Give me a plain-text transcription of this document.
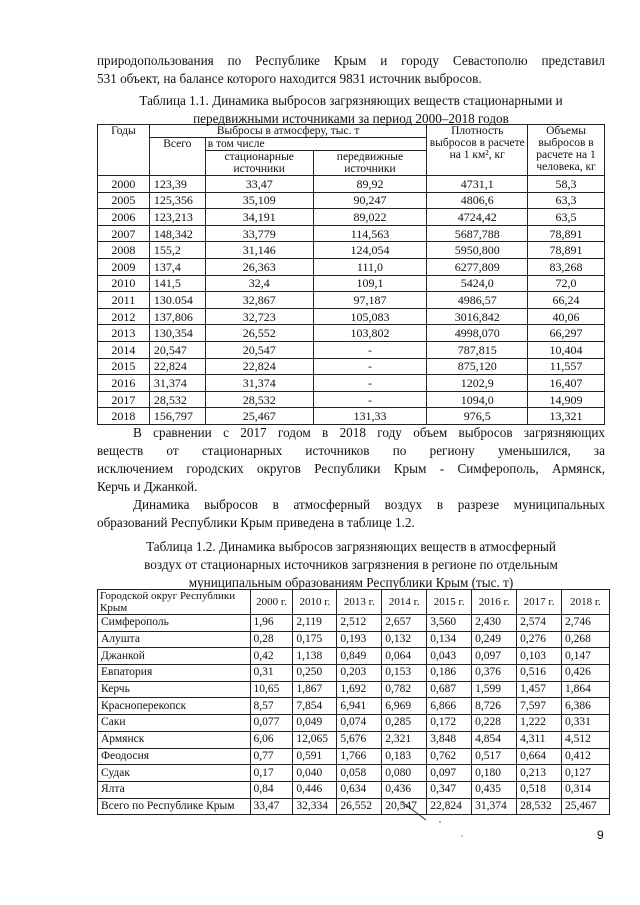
природопользования по Республике Крым и городу Севастополю представил
531 объект, на балансе которого находится 9831 источник выбросов.
Таблица 1.1. Динамика выбросов загрязняющих веществ стационарными и
передвижными источниками за период 2000–2018 годов
Годы	Выбросы в атмосферу, тыс. т			Плотность выбросов в расчете на 1 км², кг	Объемы выбросов в расчете на 1 человека, кг
	Всего	в том числе			
		стационарные источники	передвижные источники		
2000	123,39	33,47	89,92	4731,1	58,3
2005	125,356	35,109	90,247	4806,6	63,3
2006	123,213	34,191	89,022	4724,42	63,5
2007	148,342	33,779	114,563	5687,788	78,891
2008	155,2	31,146	124,054	5950,800	78,891
2009	137,4	26,363	111,0	6277,809	83,268
2010	141,5	32,4	109,1	5424,0	72,0
2011	130.054	32,867	97,187	4986,57	66,24
2012	137,806	32,723	105,083	3016,842	40,06
2013	130,354	26,552	103,802	4998,070	66,297
2014	20,547	20,547	-	787,815	10,404
2015	22,824	22,824	-	875,120	11,557
2016	31,374	31,374	-	1202,9	16,407
2017	28,532	28,532	-	1094,0	14,909
2018	156,797	25,467	131,33	976,5	13,321
В сравнении с 2017 годом в 2018 году объем выбросов загрязняющих
веществ от стационарных источников по региону уменьшился, за
исключением городских округов Республики Крым - Симферополь, Армянск,
Керчь и Джанкой.
Динамика выбросов в атмосферный воздух в разрезе муниципальных
образований Республики Крым приведена в таблице 1.2.
Таблица 1.2. Динамика выбросов загрязняющих веществ в атмосферный
воздух от стационарных источников загрязнения в регионе по отдельным
муниципальным образованиям Республики Крым (тыс. т)
Городской округ Республики Крым	2000 г.	2010 г.	2013 г.	2014 г.	2015 г.	2016 г.	2017 г.	2018 г.
Симферополь	1,96	2,119	2,512	2,657	3,560	2,430	2,574	2,746
Алушта	0,28	0,175	0,193	0,132	0,134	0,249	0,276	0,268
Джанкой	0,42	1,138	0,849	0,064	0,043	0,097	0,103	0,147
Евпатория	0,31	0,250	0,203	0,153	0,186	0,376	0,516	0,426
Керчь	10,65	1,867	1,692	0,782	0,687	1,599	1,457	1,864
Красноперекопск	8,57	7,854	6,941	6,969	6,866	8,726	7,597	6,386
Саки	0,077	0,049	0,074	0,285	0,172	0,228	1,222	0,331
Армянск	6,06	12,065	5,676	2,321	3,848	4,854	4,311	4,512
Феодосия	0,77	0,591	1,766	0,183	0,762	0,517	0,664	0,412
Судак	0,17	0,040	0,058	0,080	0,097	0,180	0,213	0,127
Ялта	0,84	0,446	0,634	0,436	0,347	0,435	0,518	0,314
Всего по Республике Крым	33,47	32,334	26,552	20,547	22,824	31,374	28,532	25,467
9
